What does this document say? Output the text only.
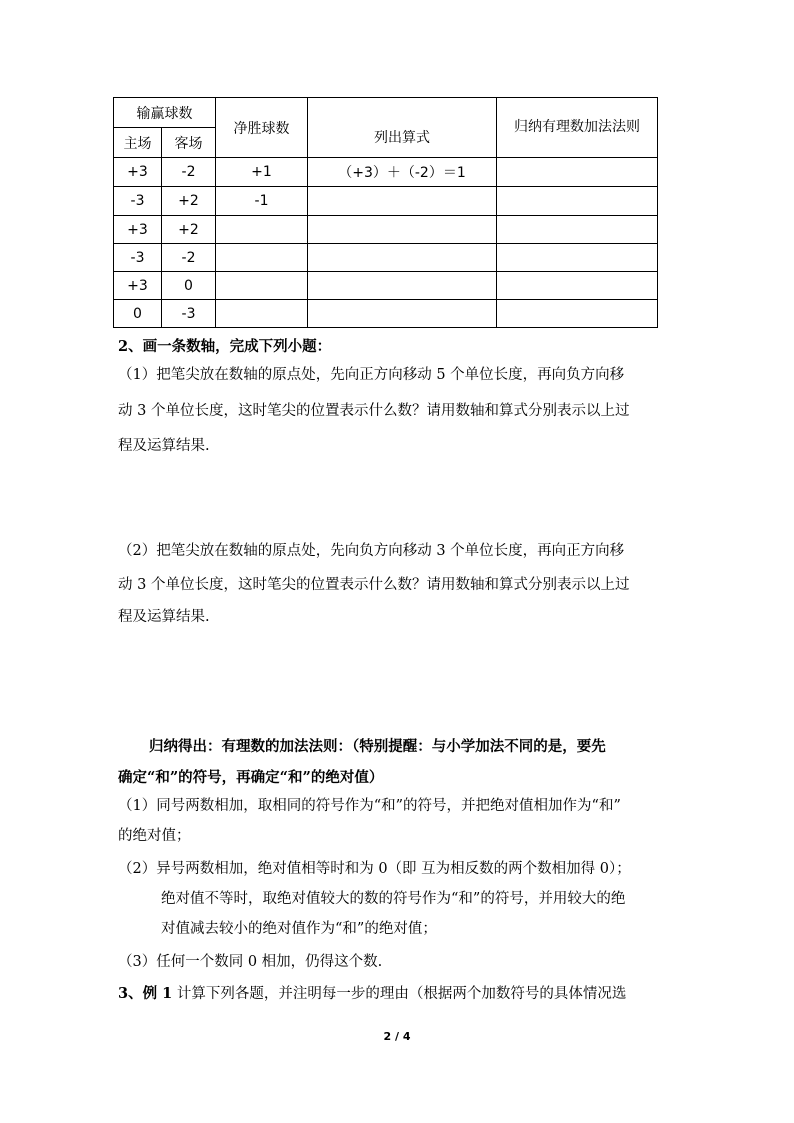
输赢球数		净胜球数	列出算式	归纳有理数加法法则
主场	客场			
+3	-2	+1	（+3）＋（-2）＝1	
-3	+2	-1		
+3	+2			
-3	-2			
+3	0			
0	-3			
2、画一条数轴，完成下列小题：
（1）把笔尖放在数轴的原点处，先向正方向移动 5 个单位长度，再向负方向移
动 3 个单位长度，这时笔尖的位置表示什么数？请用数轴和算式分别表示以上过
程及运算结果.
（2）把笔尖放在数轴的原点处，先向负方向移动 3 个单位长度，再向正方向移
动 3 个单位长度，这时笔尖的位置表示什么数？请用数轴和算式分别表示以上过
程及运算结果.
归纳得出：有理数的加法法则：（特别提醒：与小学加法不同的是，要先
确定“和”的符号，再确定“和”的绝对值）
（1）同号两数相加，取相同的符号作为“和”的符号，并把绝对值相加作为“和”
的绝对值；
（2）异号两数相加，绝对值相等时和为 0（即 互为相反数的两个数相加得 0）；
绝对值不等时，取绝对值较大的数的符号作为“和”的符号，并用较大的绝
对值减去较小的绝对值作为“和”的绝对值；
（3）任何一个数同 0 相加，仍得这个数.
3、例 1 计算下列各题，并注明每一步的理由（根据两个加数符号的具体情况选
2 / 4
